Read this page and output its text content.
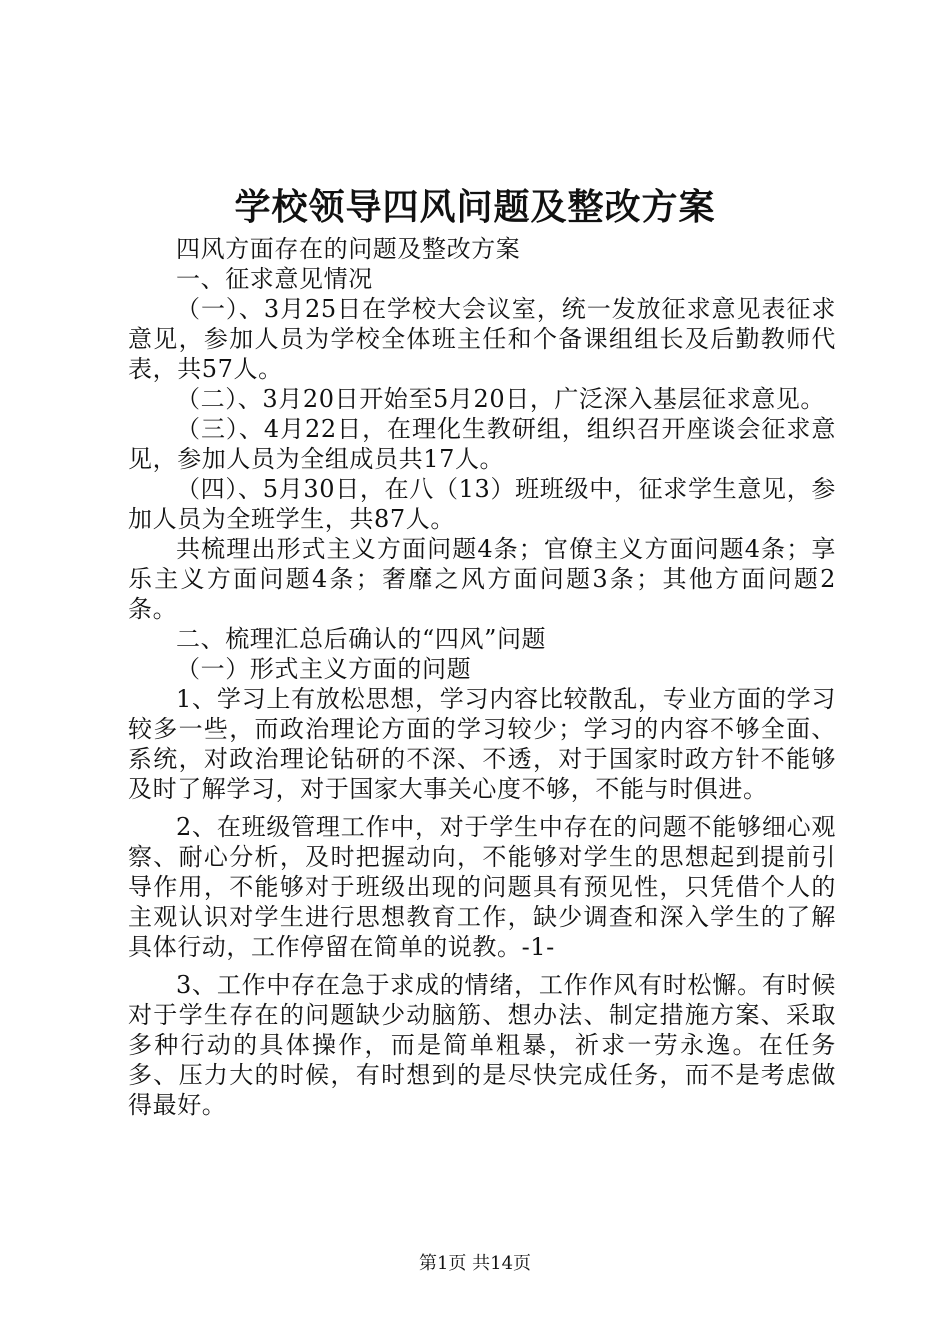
学校领导四风问题及整改方案

四风方面存在的问题及整改方案

一、征求意见情况

（一）、3月25日在学校大会议室，统一发放征求意见表征求意见，参加人员为学校全体班主任和个备课组组长及后勤教师代表，共57人。

（二）、3月20日开始至5月20日，广泛深入基层征求意见。

（三）、4月22日，在理化生教研组，组织召开座谈会征求意见，参加人员为全组成员共17人。

（四）、5月30日，在八（13）班班级中，征求学生意见，参加人员为全班学生，共87人。

共梳理出形式主义方面问题4条；官僚主义方面问题4条；享乐主义方面问题4条；奢靡之风方面问题3条；其他方面问题2条。

二、梳理汇总后确认的“四风”问题

（一）形式主义方面的问题

1、学习上有放松思想，学习内容比较散乱，专业方面的学习较多一些，而政治理论方面的学习较少；学习的内容不够全面、系统，对政治理论钻研的不深、不透，对于国家时政方针不能够及时了解学习，对于国家大事关心度不够，不能与时俱进。

2、在班级管理工作中，对于学生中存在的问题不能够细心观察、耐心分析，及时把握动向，不能够对学生的思想起到提前引导作用，不能够对于班级出现的问题具有预见性，只凭借个人的主观认识对学生进行思想教育工作，缺少调查和深入学生的了解具体行动，工作停留在简单的说教。-1-

3、工作中存在急于求成的情绪，工作作风有时松懈。有时候对于学生存在的问题缺少动脑筋、想办法、制定措施方案、采取多种行动的具体操作，而是简单粗暴，祈求一劳永逸。在任务多、压力大的时候，有时想到的是尽快完成任务，而不是考虑做得最好。

第1页 共14页
